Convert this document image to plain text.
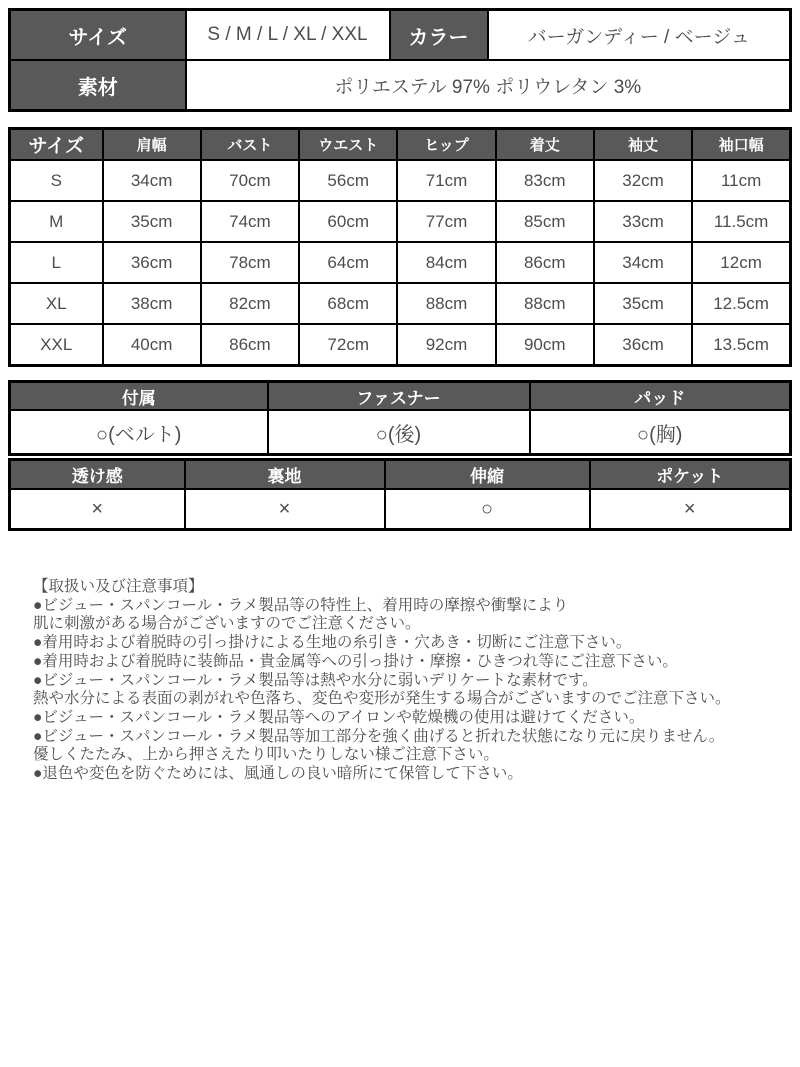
サイズ	S / M / L / XL / XXL	カラー	バーガンディー / ベージュ
素材	ポリエステル 97% ポリウレタン 3%		
サイズ	肩幅	バスト	ウエスト	ヒップ	着丈	袖丈	袖口幅
S	34cm	70cm	56cm	71cm	83cm	32cm	11cm
M	35cm	74cm	60cm	77cm	85cm	33cm	11.5cm
L	36cm	78cm	64cm	84cm	86cm	34cm	12cm
XL	38cm	82cm	68cm	88cm	88cm	35cm	12.5cm
XXL	40cm	86cm	72cm	92cm	90cm	36cm	13.5cm
付属	ファスナー	パッド
○(ベルト)	○(後)	○(胸)
透け感	裏地	伸縮	ポケット
×	×	○	×
【取扱い及び注意事項】
●ビジュー・スパンコール・ラメ製品等の特性上、着用時の摩擦や衝撃により
肌に刺激がある場合がございますのでご注意ください。
●着用時および着脱時の引っ掛けによる生地の糸引き・穴あき・切断にご注意下さい。
●着用時および着脱時に装飾品・貴金属等への引っ掛け・摩擦・ひきつれ等にご注意下さい。
●ビジュー・スパンコール・ラメ製品等は熱や水分に弱いデリケートな素材です。
熱や水分による表面の剥がれや色落ち、変色や変形が発生する場合がございますのでご注意下さい。
●ビジュー・スパンコール・ラメ製品等へのアイロンや乾燥機の使用は避けてください。
●ビジュー・スパンコール・ラメ製品等加工部分を強く曲げると折れた状態になり元に戻りません。
優しくたたみ、上から押さえたり叩いたりしない様ご注意下さい。
●退色や変色を防ぐためには、風通しの良い暗所にて保管して下さい。
